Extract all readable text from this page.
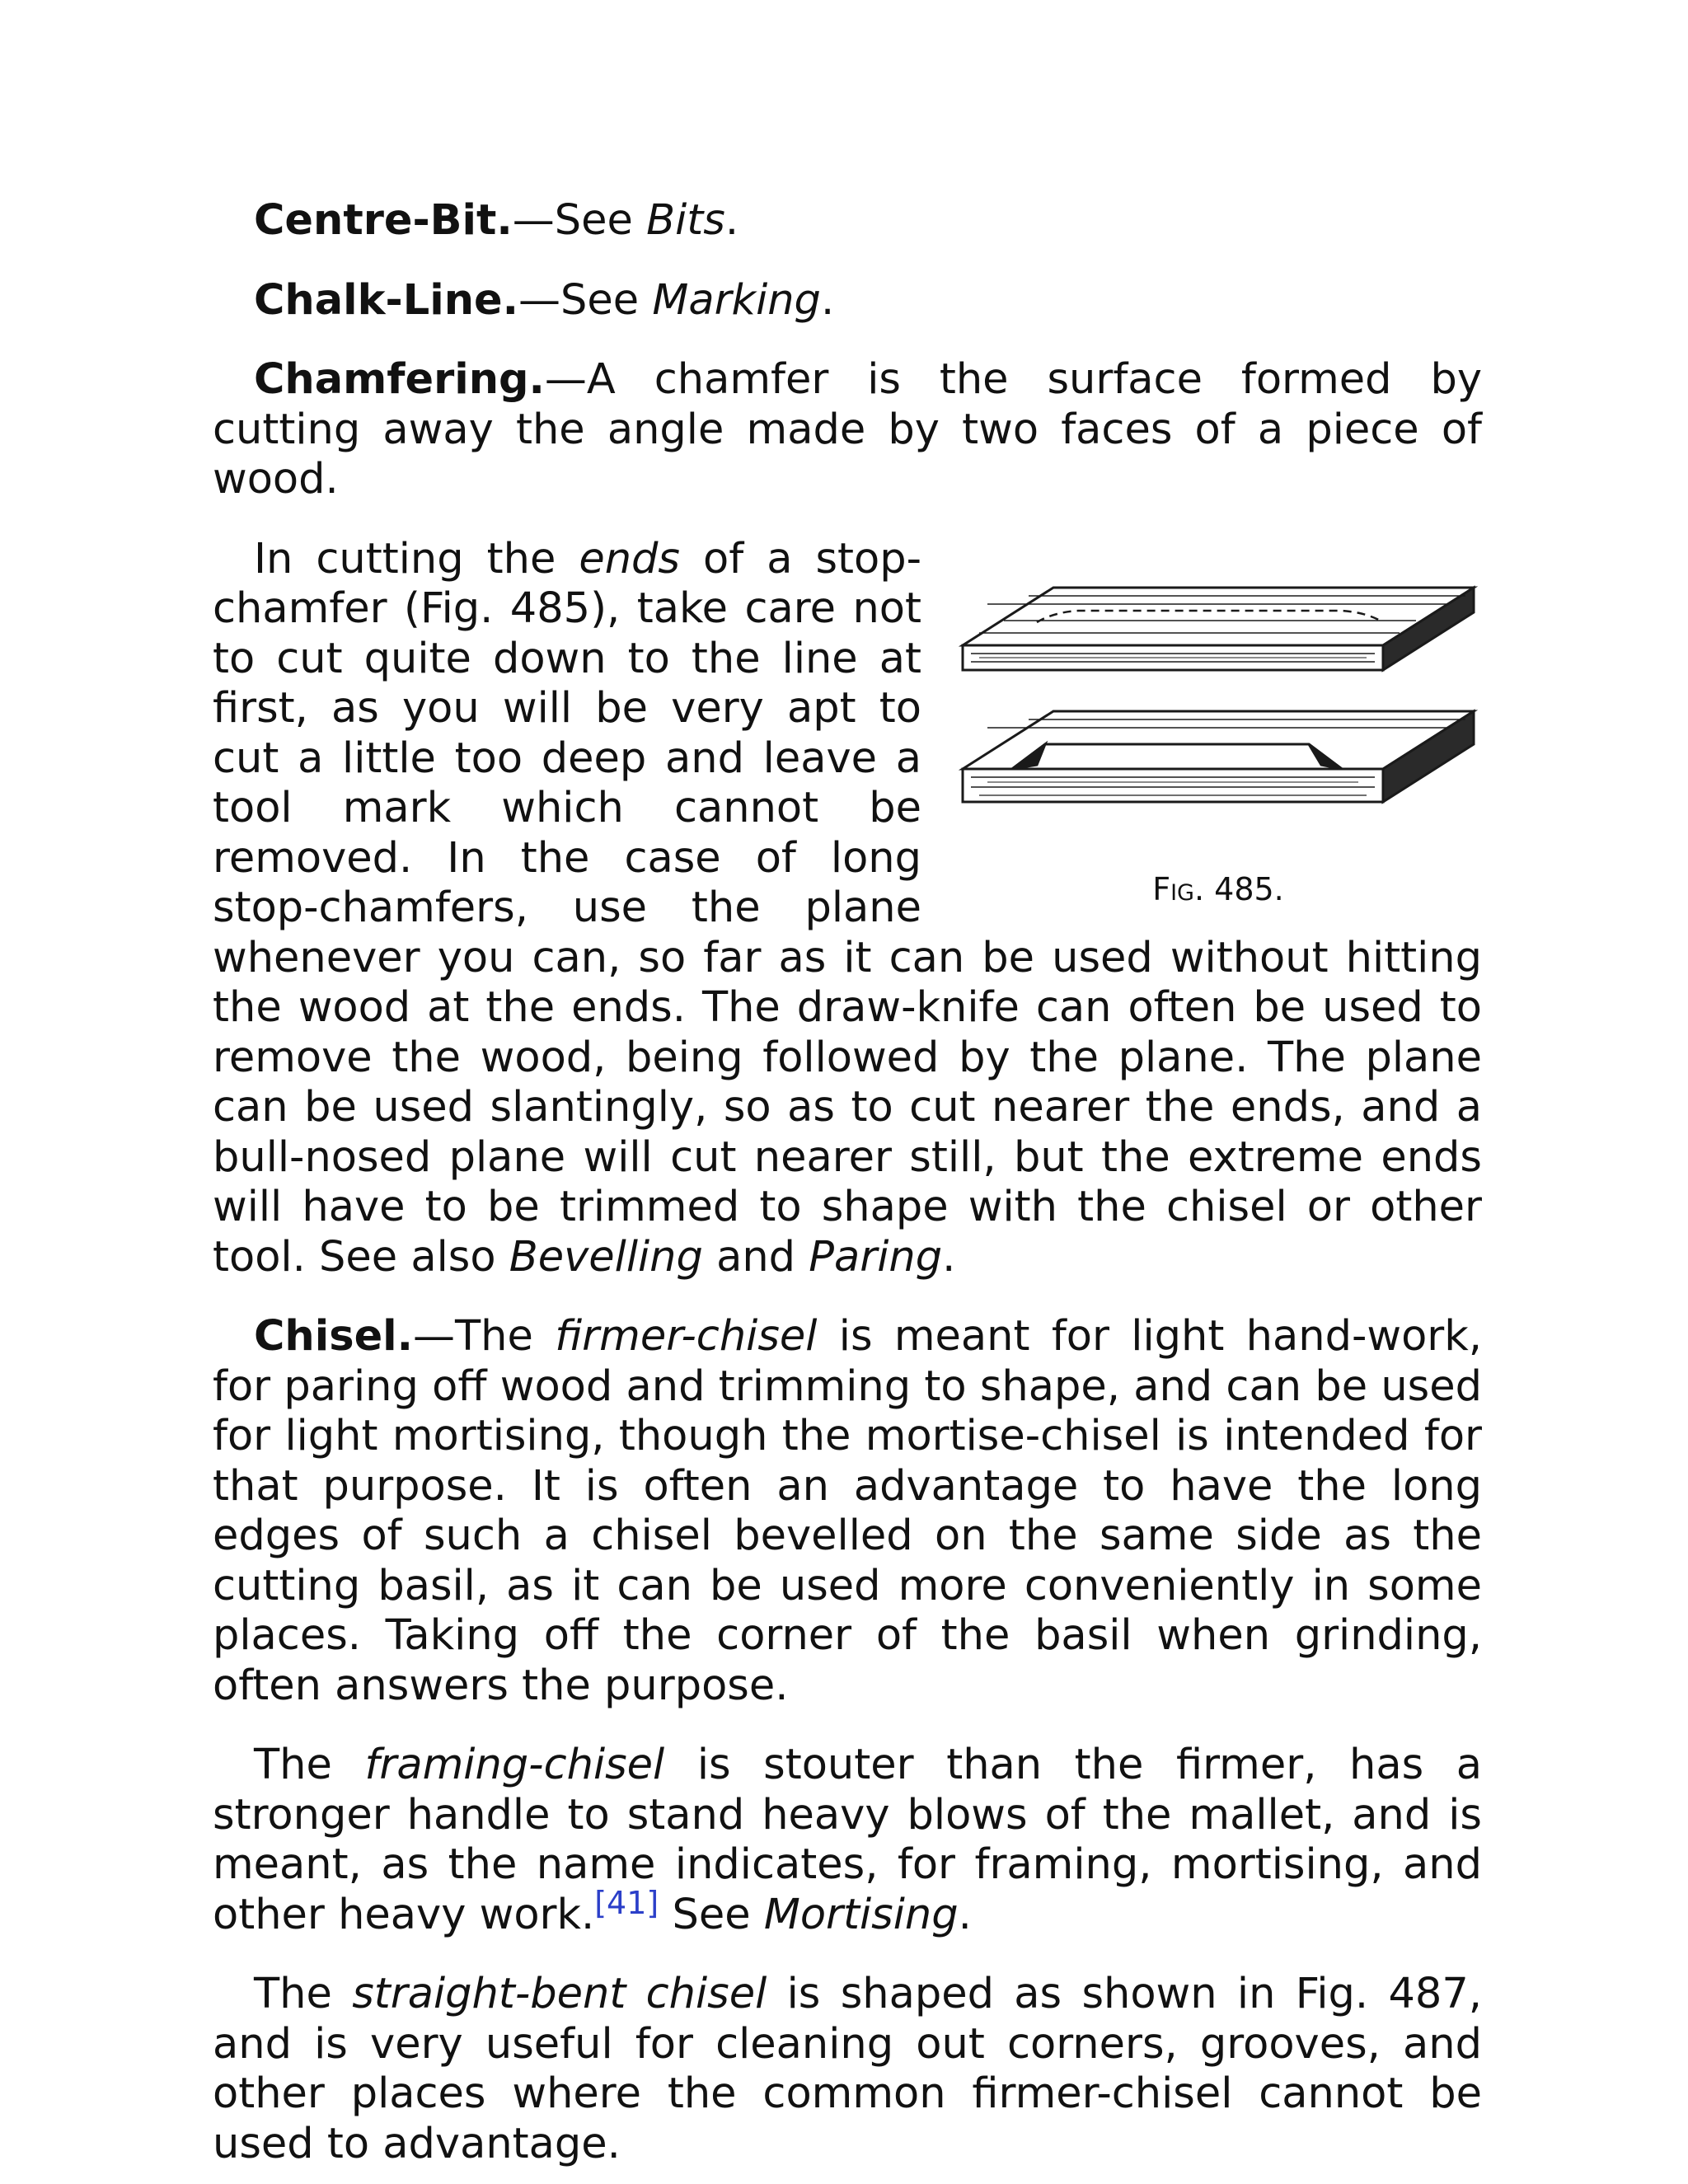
Centre-Bit.—See Bits.

Chalk-Line.—See Marking.

Chamfering.—A chamfer is the surface formed by cutting away the angle made by two faces of a piece of wood.

Fig. 485.

In cutting the ends of a stop-chamfer (Fig. 485), take care not to cut quite down to the line at first, as you will be very apt to cut a little too deep and leave a tool mark which cannot be removed. In the case of long stop-chamfers, use the plane whenever you can, so far as it can be used without hitting the wood at the ends. The draw-knife can often be used to remove the wood, being followed by the plane. The plane can be used slantingly, so as to cut nearer the ends, and a bull-nosed plane will cut nearer still, but the extreme ends will have to be trimmed to shape with the chisel or other tool. See also Bevelling and Paring.

Chisel.—The firmer-chisel is meant for light hand-work, for paring off wood and trimming to shape, and can be used for light mortising, though the mortise-chisel is intended for that purpose. It is often an advantage to have the long edges of such a chisel bevelled on the same side as the cutting basil, as it can be used more conveniently in some places. Taking off the corner of the basil when grinding, often answers the purpose.

The framing-chisel is stouter than the firmer, has a stronger handle to stand heavy blows of the mallet, and is meant, as the name indicates, for framing, mortising, and other heavy work.[41] See Mortising.

The straight-bent chisel is shaped as shown in Fig. 487, and is very useful for cleaning out corners, grooves, and other places where the common firmer-chisel cannot be used to advantage.
